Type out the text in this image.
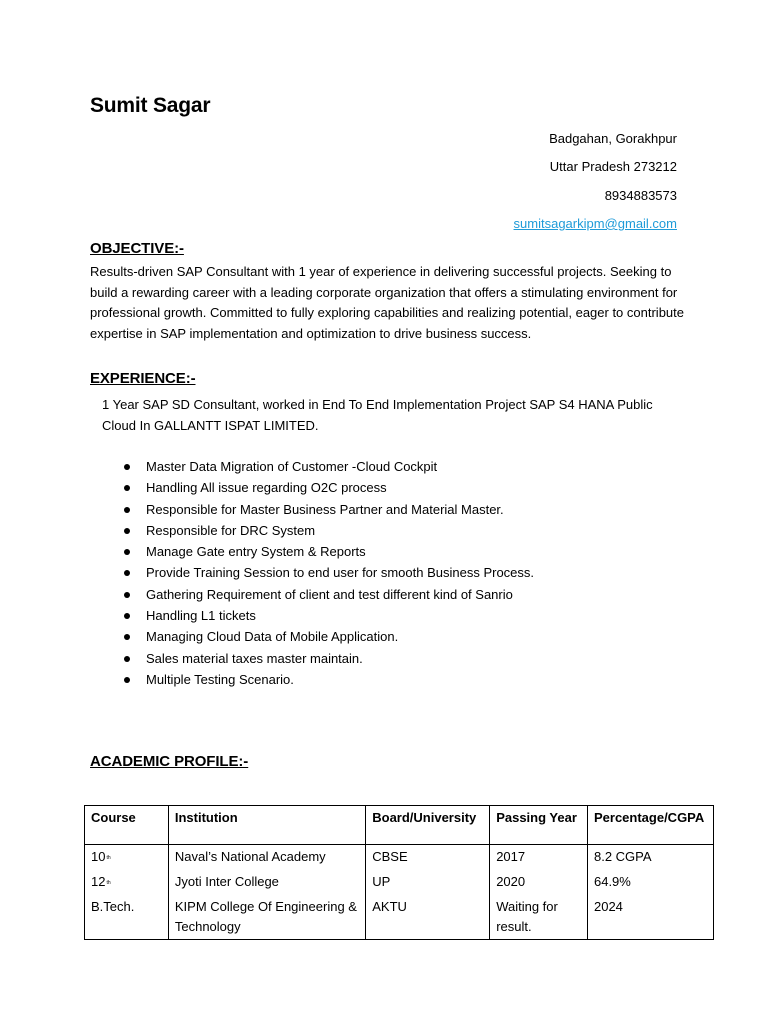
Sumit Sagar
Badgahan, Gorakhpur
Uttar Pradesh 273212
8934883573
sumitsagarkipm@gmail.com
OBJECTIVE:-
Results-driven SAP Consultant with 1 year of experience in delivering successful projects. Seeking to build a rewarding career with a leading corporate organization that offers a stimulating environment for professional growth. Committed to fully exploring capabilities and realizing potential, eager to contribute expertise in SAP implementation and optimization to drive business success.
EXPERIENCE:-
1 Year SAP SD Consultant, worked in End To End Implementation Project SAP S4 HANA Public Cloud In GALLANTT ISPAT LIMITED.
Master Data Migration of Customer -Cloud Cockpit
Handling All issue regarding O2C process
Responsible for Master Business Partner and Material Master.
Responsible for DRC System
Manage Gate entry System & Reports
Provide Training Session to end user for smooth Business Process.
Gathering Requirement of client and test different kind of Sanrio
Handling L1 tickets
Managing Cloud Data of Mobile Application.
Sales material taxes master maintain.
Multiple Testing Scenario.
ACADEMIC PROFILE:-
Course	Institution	Board/University	Passing Year	Percentage/CGPA
10th	Naval’s National Academy	CBSE	2017	8.2 CGPA
12th	Jyoti Inter College	UP	2020	64.9%
B.Tech.	KIPM College Of Engineering & Technology	AKTU	Waiting for result.	2024
